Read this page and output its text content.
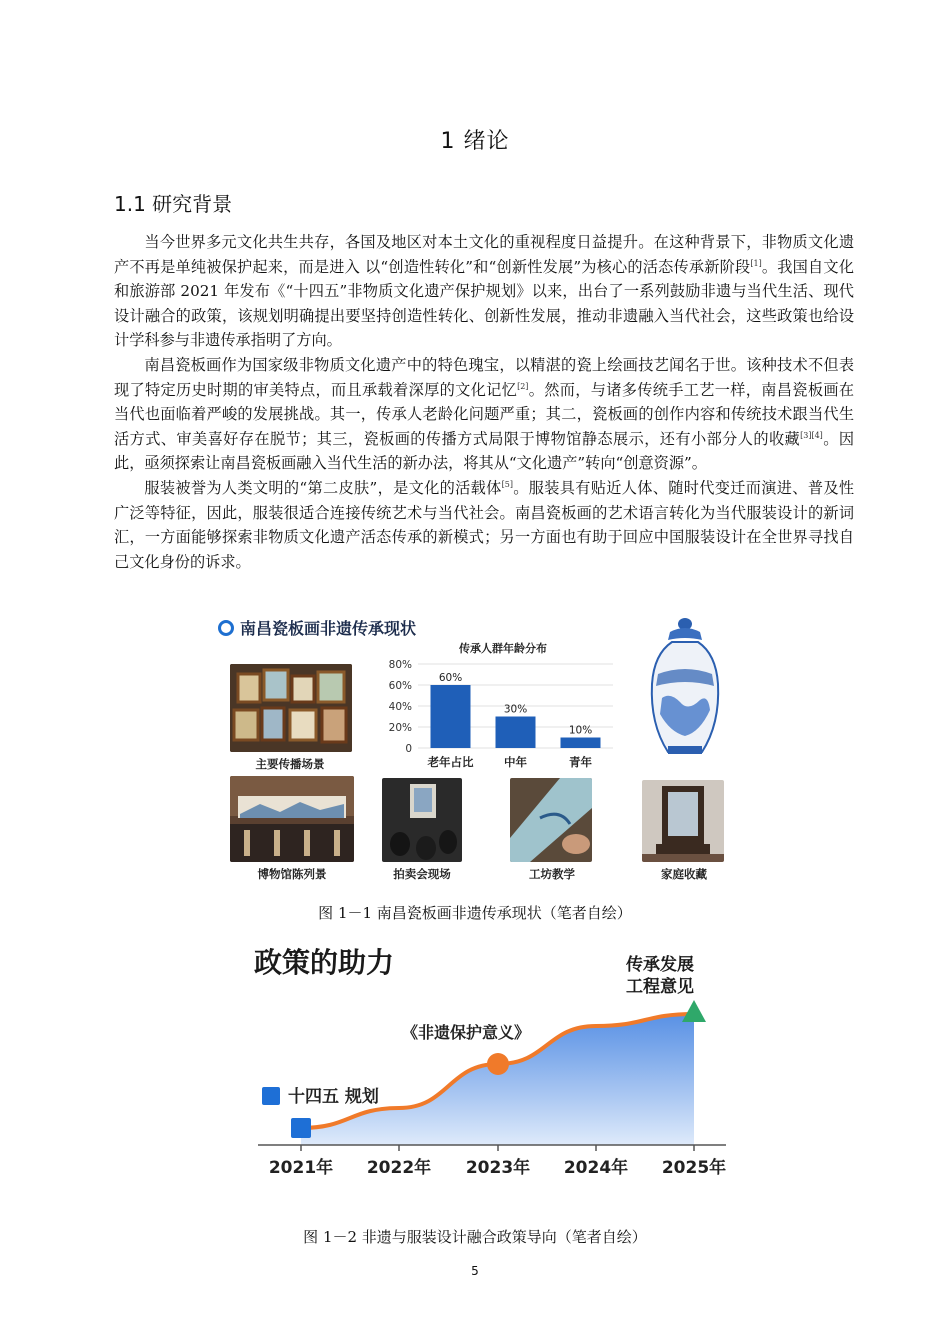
1 绪论
1.1 研究背景

当今世界多元文化共生共存，各国及地区对本土文化的重视程度日益提升。在这种背景下，非物质文化遗产不再是单纯被保护起来，而是进入 以“创造性转化”和“创新性发展”为核心的活态传承新阶段[1]。我国自文化和旅游部 2021 年发布《“十四五”非物质文化遗产保护规划》以来，出台了一系列鼓励非遗与当代生活、现代设计融合的政策，该规划明确提出要坚持创造性转化、创新性发展，推动非遗融入当代社会，这些政策也给设计学科参与非遗传承指明了方向。

南昌瓷板画作为国家级非物质文化遗产中的特色瑰宝，以精湛的瓷上绘画技艺闻名于世。该种技术不但表现了特定历史时期的审美特点，而且承载着深厚的文化记忆[2]。然而，与诸多传统手工艺一样，南昌瓷板画在当代也面临着严峻的发展挑战。其一，传承人老龄化问题严重；其二，瓷板画的创作内容和传统技术跟当代生活方式、审美喜好存在脱节；其三，瓷板画的传播方式局限于博物馆静态展示，还有小部分人的收藏[3][4]。因此，亟须探索让南昌瓷板画融入当代生活的新办法，将其从“文化遗产”转向“创意资源”。

服装被誉为人类文明的“第二皮肤”，是文化的活载体[5]。服装具有贴近人体、随时代变迁而演进、普及性广泛等特征，因此，服装很适合连接传统艺术与当代社会。南昌瓷板画的艺术语言转化为当代服装设计的新词汇，一方面能够探索非物质文化遗产活态传承的新模式；另一方面也有助于回应中国服装设计在全世界寻找自己文化身份的诉求。

南昌瓷板画非遗传承现状
主要传播场景
传承人群年龄分布
0
20%
40%
60%
80%
60%
老年占比
30%
中年
10%
青年
博物馆陈列景	拍卖会现场	工坊教学	家庭收藏
图 1－1 南昌瓷板画非遗传承现状（笔者自绘）
政策的助力	传承发展
工程意见
十四五 规划
《非遗保护意义》
2021年 2022年 2023年 2024年 2025年
图 1－2 非遗与服装设计融合政策导向（笔者自绘）
5
